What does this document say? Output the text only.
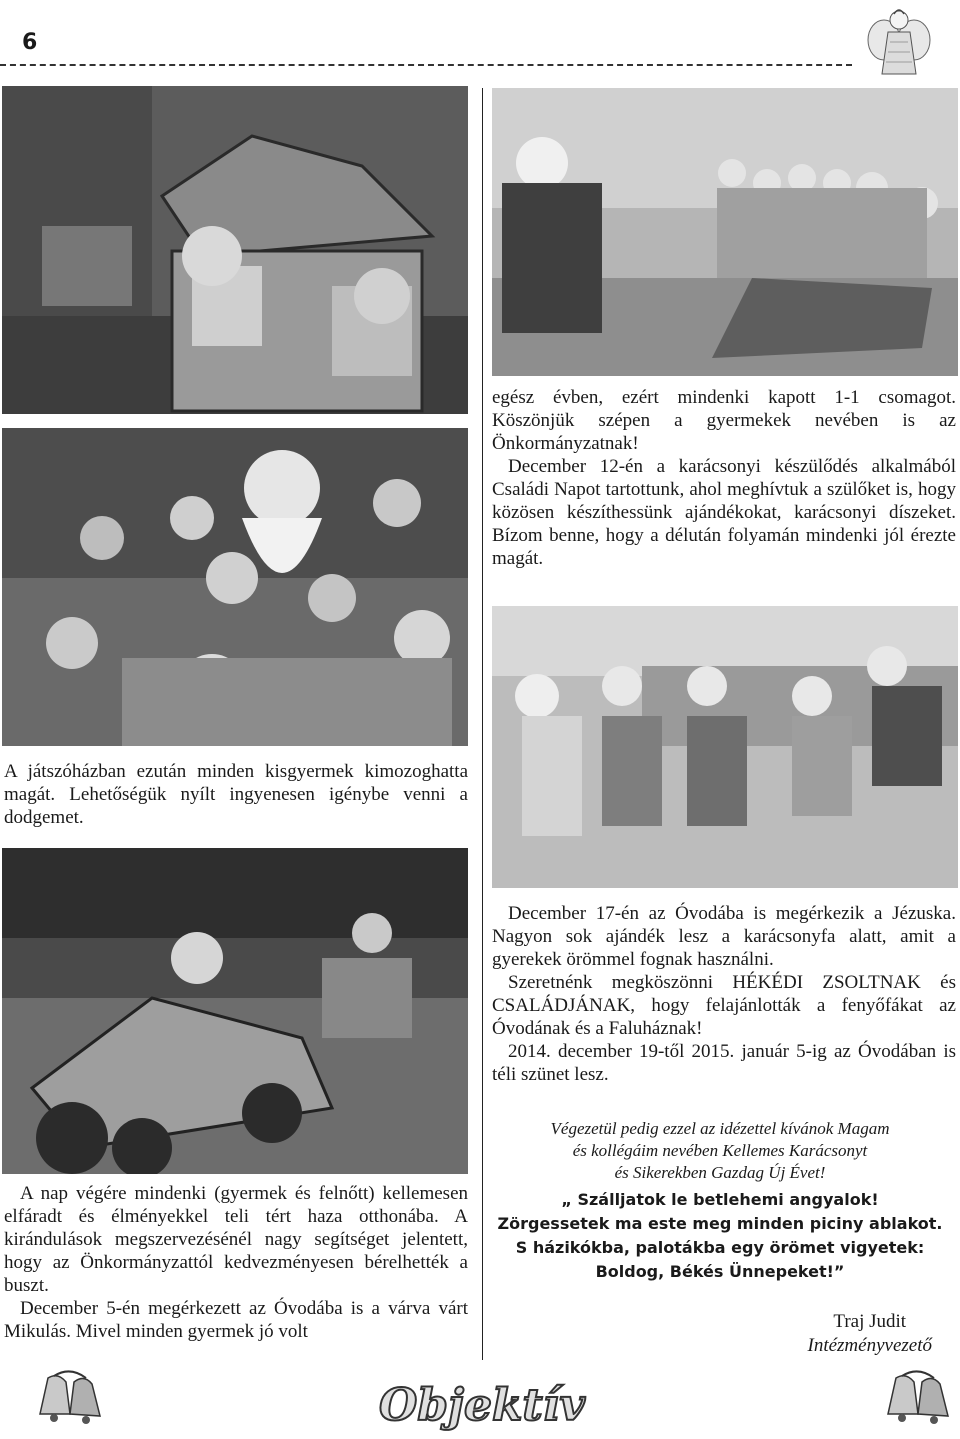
6

A játszóházban ezután minden kisgyermek kimozoghatta magát. Lehetőségük nyílt ingyenesen igénybe venni a dodgemet.

A nap végére mindenki (gyermek és felnőtt) kellemesen elfáradt és élményekkel teli tért haza otthonába. A kirándulások megszervezésénél nagy segítséget jelentett, hogy az Önkormányzattól kedvezményesen bérelhették a buszt.

December 5-én megérkezett az Óvodába is a várva várt Mikulás. Mivel minden gyermek jó volt

egész évben, ezért mindenki kapott 1-1 csomagot. Köszönjük szépen a gyermekek nevében is az Önkormányzatnak!

December 12-én a karácsonyi készülődés alkalmából Családi Napot tartottunk, ahol meghívtuk a szülőket is, hogy közösen készíthessünk ajándékokat, karácsonyi díszeket. Bízom benne, hogy a délután folyamán mindenki jól érezte magát.

December 17-én az Óvodába is megérkezik a Jézuska. Nagyon sok ajándék lesz a karácsonyfa alatt, amit a gyerekek örömmel fognak használni.

Szeretnénk megköszönni HÉKÉDI ZSOLTNAK és CSALÁDJÁNAK, hogy felajánlották a fenyőfákat az Óvodának és a Faluháznak!

2014. december 19-től 2015. január 5-ig az Óvodában is téli szünet lesz.

Végezetül pedig ezzel az idézettel kívánok Magam
és kollégáim nevében Kellemes Karácsonyt
és Sikerekben Gazdag Új Évet!
„ Szálljatok le betlehemi angyalok!
Zörgessetek ma este meg minden piciny ablakot.
S házikókba, palotákba egy örömet vigyetek:
Boldog, Békés Ünnepeket!”
Traj Judit
Intézményvezető
Objektív
